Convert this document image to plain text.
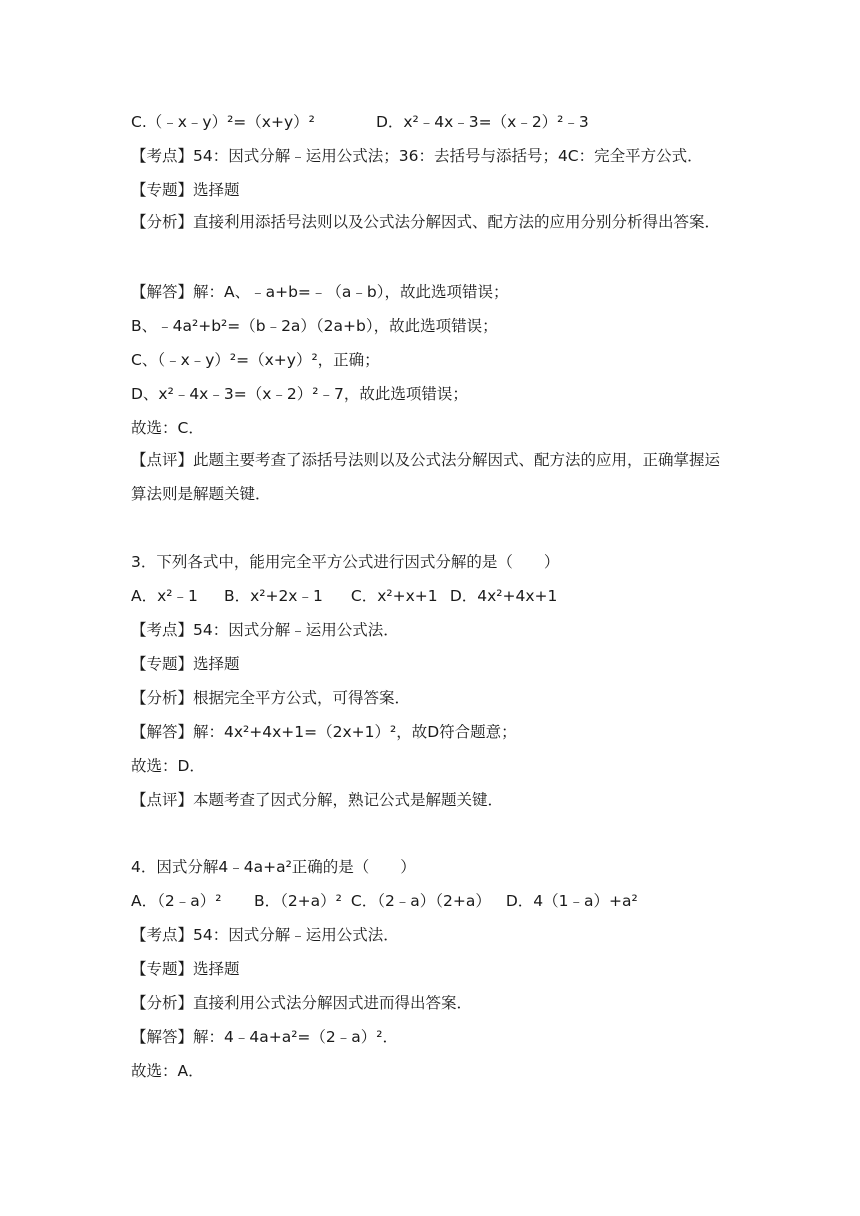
C.（﹣x﹣y）²=（x+y）²	D．x²﹣4x﹣3=（x﹣2）²﹣3
【考点】54：因式分解﹣运用公式法；36：去括号与添括号；4C：完全平方公式．
【专题】选择题
【分析】直接利用添括号法则以及公式法分解因式、配方法的应用分别分析得出答案．
【解答】解：A、﹣a+b=﹣（a﹣b），故此选项错误；
B、﹣4a²+b²=（b﹣2a）（2a+b），故此选项错误；
C、（﹣x﹣y）²=（x+y）²，正确；
D、x²﹣4x﹣3=（x﹣2）²﹣7，故此选项错误；
故选：C．
【点评】此题主要考查了添括号法则以及公式法分解因式、配方法的应用，正确掌握运算法则是解题关键．
3．下列各式中，能用完全平方公式进行因式分解的是（　　）
A．x²﹣1 B．x²+2x﹣1 C．x²+x+1 D．4x²+4x+1
【考点】54：因式分解﹣运用公式法．
【专题】选择题
【分析】根据完全平方公式，可得答案．
【解答】解：4x²+4x+1=（2x+1）²，故D符合题意；
故选：D．
【点评】本题考查了因式分解，熟记公式是解题关键．
4．因式分解4﹣4a+a²正确的是（　　）
A．（2﹣a）² B．（2+a）² C．（2﹣a）（2+a） D．4（1﹣a）+a²
【考点】54：因式分解﹣运用公式法．
【专题】选择题
【分析】直接利用公式法分解因式进而得出答案．
【解答】解：4﹣4a+a²=（2﹣a）²．
故选：A．
